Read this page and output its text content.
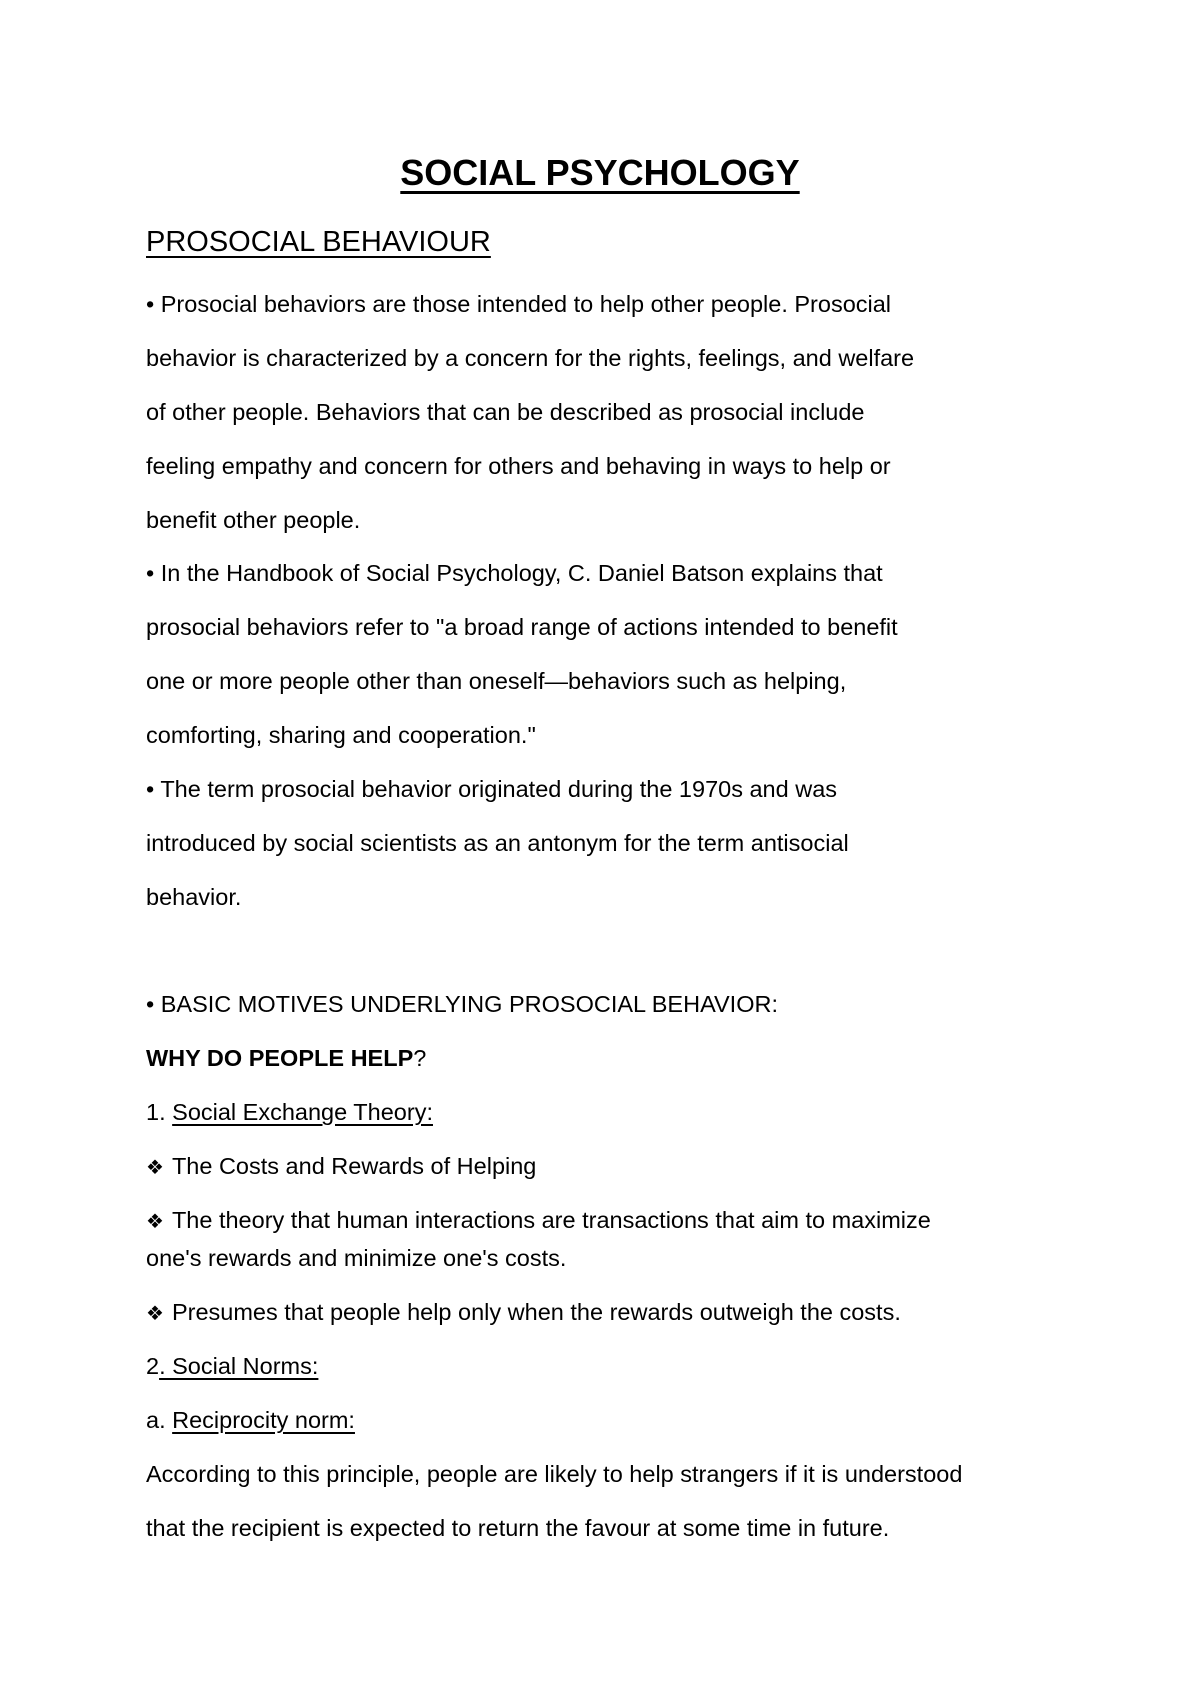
SOCIAL PSYCHOLOGY
PROSOCIAL BEHAVIOUR
• Prosocial behaviors are those intended to help other people. Prosocial
behavior is characterized by a concern for the rights, feelings, and welfare
of other people. Behaviors that can be described as prosocial include
feeling empathy and concern for others and behaving in ways to help or
benefit other people.
• In the Handbook of Social Psychology, C. Daniel Batson explains that
prosocial behaviors refer to "a broad range of actions intended to benefit
one or more people other than oneself—behaviors such as helping,
comforting, sharing and cooperation."
• The term prosocial behavior originated during the 1970s and was
introduced by social scientists as an antonym for the term antisocial
behavior.
• BASIC MOTIVES UNDERLYING PROSOCIAL BEHAVIOR:
WHY DO PEOPLE HELP?
1. Social Exchange Theory:
❖ The Costs and Rewards of Helping
❖ The theory that human interactions are transactions that aim to maximize
one's rewards and minimize one's costs.
❖ Presumes that people help only when the rewards outweigh the costs.
2. Social Norms:
a. Reciprocity norm:
According to this principle, people are likely to help strangers if it is understood
that the recipient is expected to return the favour at some time in future.
